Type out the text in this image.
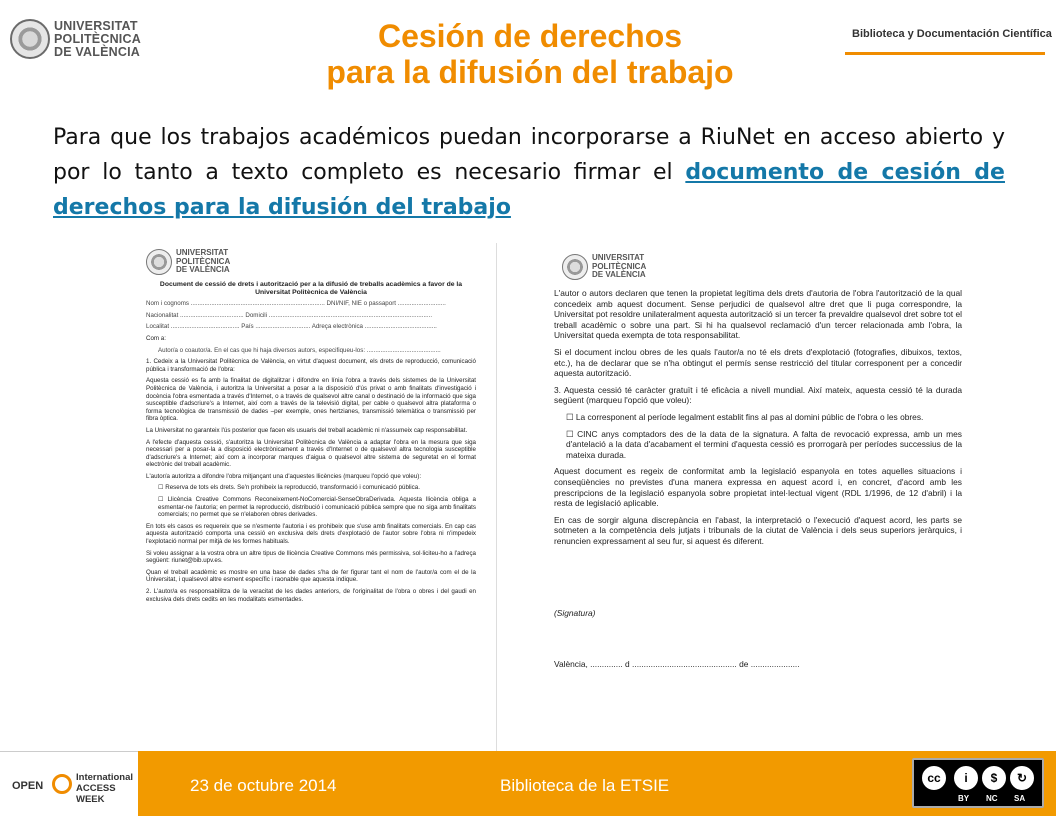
UNIVERSITAT
POLITÈCNICA
DE VALÈNCIA	Cesión de derechos
para la difusión del trabajo
Biblioteca y Documentación Científica
Para que los trabajos académicos puedan incorporarse a RiuNet en acceso abierto y por lo tanto a texto completo es necesario firmar el documento de cesión de derechos para la difusión del trabajo
UNIVERSITAT
POLITÈCNICA
DE VALÈNCIA

Document de cessió de drets i autorització per a la difusió de treballs acadèmics a favor de la Universitat Politècnica de València

Nom i cognoms .............................................................................. DNI/NIF, NIE o passaport ............................

Nacionalitat ..................................... Domicili ...............................................................................................

Localitat ........................................ País ................................ Adreça electrònica ..........................................

Com a:

Autor/a o coautor/a. En el cas que hi haja diversos autors, especifiqueu-los: ...........................................

1. Cedeix a la Universitat Politècnica de València, en virtut d'aquest document, els drets de reproducció, comunicació pública i transformació de l'obra:

Aquesta cessió es fa amb la finalitat de digitalitzar i difondre en línia l'obra a través dels sistemes de la Universitat Politècnica de València, i autoritza la Universitat a posar a la disposició d'ús privat o amb finalitats d'investigació i docència l'obra esmentada a través d'Internet, o a través de qualsevol altre canal o destinació de la informació que siga susceptible d'adscriure's a Internet, així com a través de la televisió digital, per cable o qualsevol altra plataforma o forma tecnològica de transmissió de dades –per exemple, ones hertzianes, transmissió telemàtica o transmissió per fibra òptica.

La Universitat no garanteix l'ús posterior que facen els usuaris del treball acadèmic ni n'assumeix cap responsabilitat.

A l'efecte d'aquesta cessió, s'autoritza la Universitat Politècnica de València a adaptar l'obra en la mesura que siga necessari per a posar-la a disposició electrònicament a través d'Internet o de qualsevol altra tecnologia susceptible d'adscriure's a Internet; així com a incorporar marques d'aigua o qualsevol altre sistema de seguretat en el format electrònic del treball acadèmic.

L'autor/a autoritza a difondre l'obra mitjançant una d'aquestes llicències (marqueu l'opció que voleu):

☐ Reserva de tots els drets. Se'n prohibeix la reproducció, transformació i comunicació pública.

☐ Llicència Creative Commons Reconeixement-NoComercial-SenseObraDerivada. Aquesta llicència obliga a esmentar-ne l'autoria; en permet la reproducció, distribució i comunicació pública sempre que no siga amb finalitats comercials; no permet que se n'elaboren obres derivades.

En tots els casos es requereix que se n'esmente l'autoria i es prohibeix que s'use amb finalitats comercials. En cap cas aquesta autorització comporta una cessió en exclusiva dels drets d'explotació de l'autor sobre l'obra ni n'impedeix l'explotació normal per mitjà de les formes habituals.

Si voleu assignar a la vostra obra un altre tipus de llicència Creative Commons més permissiva, sol·liciteu-ho a l'adreça següent: riunet@bib.upv.es.

Quan el treball acadèmic es mostre en una base de dades s'ha de fer figurar tant el nom de l'autor/a com el de la Universitat, i qualsevol altre esment específic i raonable que aquesta indique.

2. L'autor/a es responsabilitza de la veracitat de les dades anteriors, de l'originalitat de l'obra o obres i del gaudi en exclusiva dels drets cedits en les modalitats esmentades.

UNIVERSITAT
POLITÈCNICA
DE VALÈNCIA

L'autor o autors declaren que tenen la propietat legítima dels drets d'autoria de l'obra l'autorització de la qual concedeix amb aquest document. Sense perjudici de qualsevol altre dret que li puga correspondre, la Universitat pot resoldre unilateralment aquesta autorització si un tercer fa prevaldre qualsevol dret sobre tot el treball acadèmic o sobre una part. Si hi ha qualsevol reclamació d'un tercer relacionada amb l'obra, la Universitat queda exempta de tota responsabilitat.

Si el document inclou obres de les quals l'autor/a no té els drets d'explotació (fotografies, dibuixos, textos, etc.), ha de declarar que se n'ha obtingut el permís sense restricció del titular corresponent per a concedir aquesta autorització.

3. Aquesta cessió té caràcter gratuït i té eficàcia a nivell mundial. Així mateix, aquesta cessió té la durada següent (marqueu l'opció que voleu):

☐ La corresponent al període legalment establit fins al pas al domini públic de l'obra o les obres.

☐ CINC anys comptadors des de la data de la signatura. A falta de revocació expressa, amb un mes d'antelació a la data d'acabament el termini d'aquesta cessió es prorrogarà per períodes successius de la mateixa durada.

Aquest document es regeix de conformitat amb la legislació espanyola en totes aquelles situacions i conseqüències no previstes d'una manera expressa en aquest acord i, en concret, d'acord amb les prescripcions de la legislació espanyola sobre propietat intel·lectual vigent (RDL 1/1996, de 12 d'abril) i la resta de legislació aplicable.

En cas de sorgir alguna discrepància en l'abast, la interpretació o l'execució d'aquest acord, les parts se sotmeten a la competència dels jutjats i tribunals de la ciutat de València i dels seus superiors jeràrquics, i renuncien expressament al seu fur, si aquest és diferent.

(Signatura)

València, .............. d ............................................. de .....................

OPEN
International
ACCESS WEEK
23 de octubre 2014	Biblioteca de la ETSIE	cc	i	$	↻
BY NC SA
